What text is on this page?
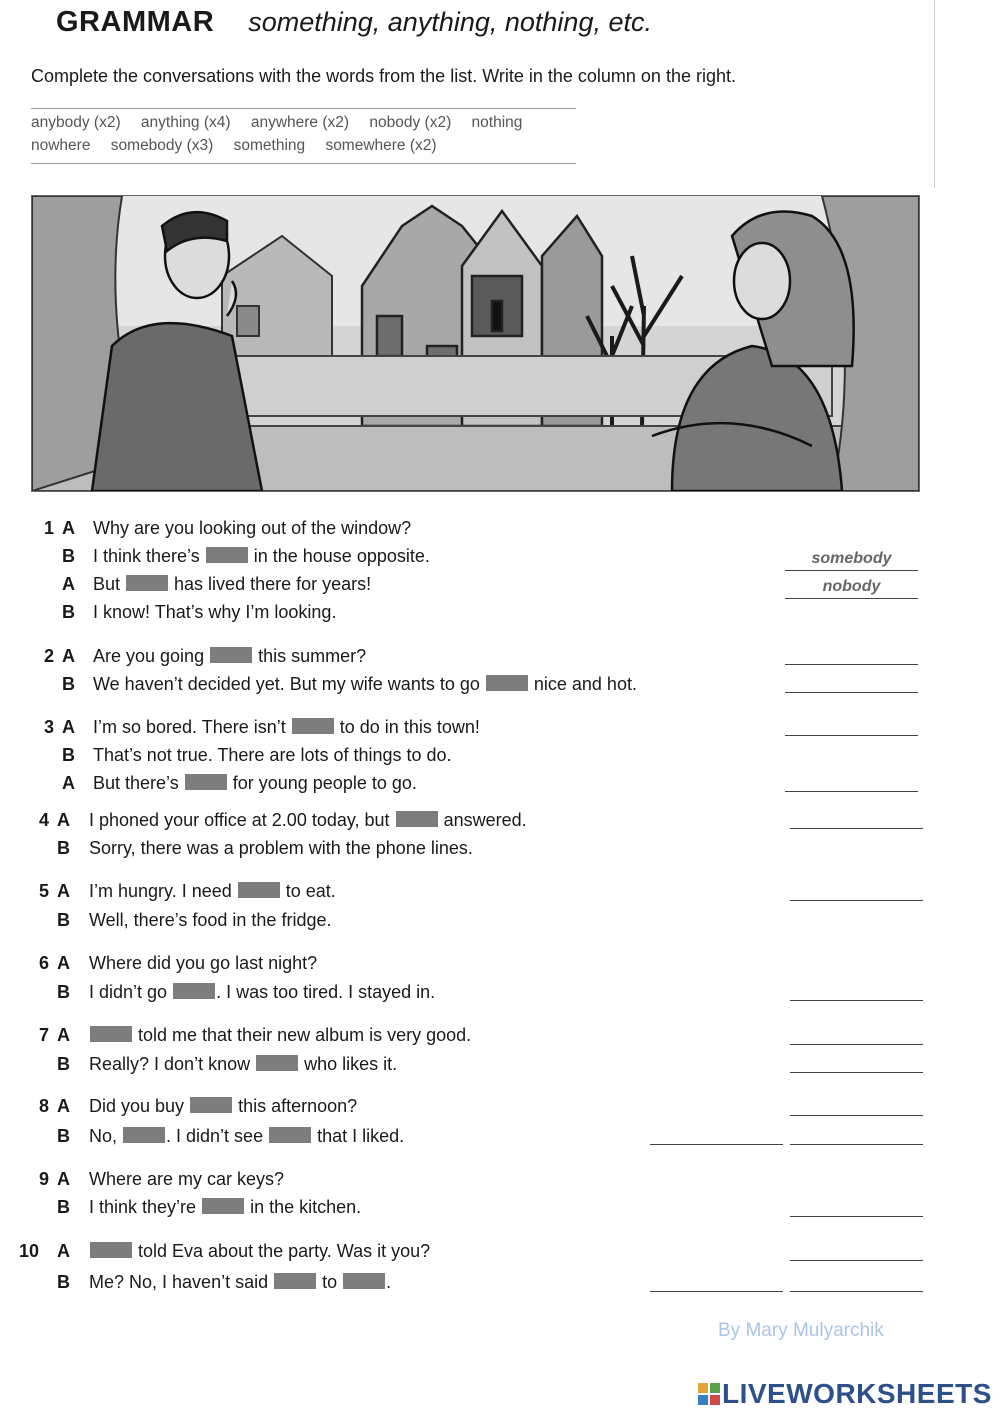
GRAMMAR something, anything, nothing, etc.
Complete the conversations with the words from the list. Write in the column on the right.
anybody (x2) anything (x4) anywhere (x2) nobody (x2) nothing
nowhere somebody (x3) something somewhere (x2)
1 A Why are you looking out of the window?
B I think there’s  in the house opposite.
A But  has lived there for years!
B I know! That’s why I’m looking.
2 A Are you going  this summer?
B We haven’t decided yet. But my wife wants to go  nice and hot.
3 A I’m so bored. There isn’t  to do in this town!
B That’s not true. There are lots of things to do.
A But there’s  for young people to go.
4 A I phoned your office at 2.00 today, but  answered.
B Sorry, there was a problem with the phone lines.
5 A I’m hungry. I need  to eat.
B Well, there’s food in the fridge.
6 A Where did you go last night?
B I didn’t go . I was too tired. I stayed in.
7 A	told me that their new album is very good.
B Really? I don’t know  who likes it.
8 A Did you buy  this afternoon?
B No, . I didn’t see  that I liked.
9 A Where are my car keys?
B I think they’re  in the kitchen.
10 A	told Eva about the party. Was it you?
B Me? No, I haven’t said  to .
somebody
nobody
By Mary Mulyarchik
LIVEWORKSHEETS
